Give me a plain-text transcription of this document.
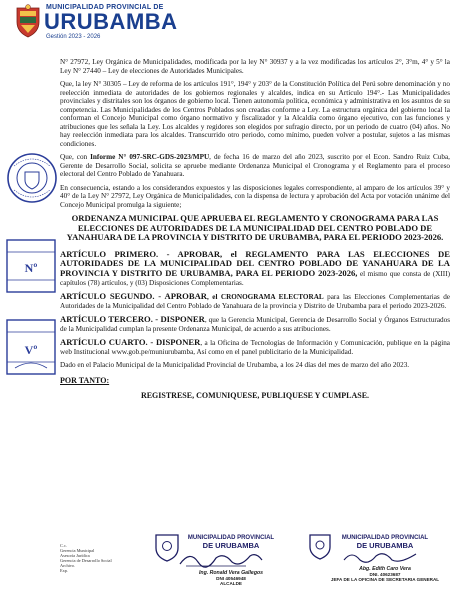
MUNICIPALIDAD PROVINCIAL DE
URUBAMBA
Gestión 2023 - 2026
Nº
Vº

N° 27972, Ley Orgánica de Municipalidades, modificada por la ley N° 30937 y a la vez modificadas los artículos 2°, 3°m, 4° y 5° la Ley N° 27440 – Ley de elecciones de Autoridades Municipales.

Que, la ley N° 30305 – Ley de reforma de los artículos 191°, 194° y 203° de la Constitución Política del Perú sobre denominación y no reelección inmediata de autoridades de los gobiernos regionales y alcaldes, indica en su Artículo 194°.- Las Municipalidades provinciales y distritales son los órganos de gobierno local. Tienen autonomía política, económica y administrativa en los asuntos de su competencia. Las Municipalidades de los Centros Poblados son creadas conforme a Ley. La estructura orgánica del gobierno local la conforman el Concejo Municipal como órgano normativo y fiscalizador y la Alcaldía como órgano ejecutivo, con las funciones y atribuciones que les señala la Ley. Los alcaldes y regidores son elegidos por sufragio directo, por un periodo de cuatro (04) años. No hay reelección inmediata para los alcaldes. Transcurrido otro periodo, como mínimo, pueden volver a postular, sujetos a las mismas condiciones.

Que, con Informe N° 097-SRC-GDS-2023/MPU, de fecha 16 de marzo del año 2023, suscrito por el Econ. Sandro Ruiz Cuba, Gerente de Desarrollo Social, solicita se apruebe mediante Ordenanza Municipal el Cronograma y el Reglamento para el proceso electoral del Centro Poblado de Yanahuara.

En consecuencia, estando a los considerandos expuestos y las disposiciones legales correspondiente, al amparo de los artículos 39° y 40° de la Ley N° 27972, Ley Orgánica de Municipalidades, con la dispensa de lectura y aprobación del Acta por votación unánime del Concejo Municipal promulga la siguiente;

ORDENANZA MUNICIPAL QUE APRUEBA EL REGLAMENTO Y CRONOGRAMA PARA LAS ELECCIONES DE AUTORIDADES DE LA MUNICIPALIDAD DEL CENTRO POBLADO DE YANAHUARA DE LA PROVINCIA Y DISTRITO DE URUBAMBA, PARA EL PERIODO 2023-2026.

ARTÍCULO PRIMERO. - APROBAR, el REGLAMENTO PARA LAS ELECCIONES DE AUTORIDADES DE LA MUNICIPALIDAD DEL CENTRO POBLADO DE YANAHUARA DE LA PROVINCIA Y DISTRITO DE URUBAMBA, PARA EL PERIODO 2023-2026, el mismo que consta de (XIII) capítulos (78) artículos, y (03) Disposiciones Complementarias.

ARTÍCULO SEGUNDO. - APROBAR, el CRONOGRAMA ELECTORAL para las Elecciones Complementarias de Autoridades de la Municipalidad del Centro Poblado de Yanahuara de la provincia y Distrito de Urubamba para el periodo 2023-2026.

ARTÍCULO TERCERO. - DISPONER, que la Gerencia Municipal, Gerencia de Desarrollo Social y Órganos Estructurados de la Municipalidad cumplan la presente Ordenanza Municipal, de acuerdo a sus atribuciones.

ARTÍCULO CUARTO. - DISPONER, a la Oficina de Tecnologías de Información y Comunicación, publique en la página web Institucional www.gob.pe/muniurubamba, Así como en el panel publicitario de la Municipalidad.

Dado en el Palacio Municipal de la Municipalidad Provincial de Urubamba, a los 24 días del mes de marzo del año 2023.

POR TANTO:
REGISTRESE, COMUNIQUESE, PUBLIQUESE Y CUMPLASE.
C.c.
Gerencia Municipal
Asesoría Jurídica
Gerencia de Desarrollo Social
Archivo.
Exp.
MUNICIPALIDAD PROVINCIAL
DE URUBAMBA
Ing. Ronald Vera Gallegos
DNI 40546948
ALCALDE
MUNICIPALIDAD PROVINCIAL
DE URUBAMBA
Abg. Edith Caro Vera
DNI. 40623687
JEFA DE LA OFICINA DE SECRETARIA GENERAL
